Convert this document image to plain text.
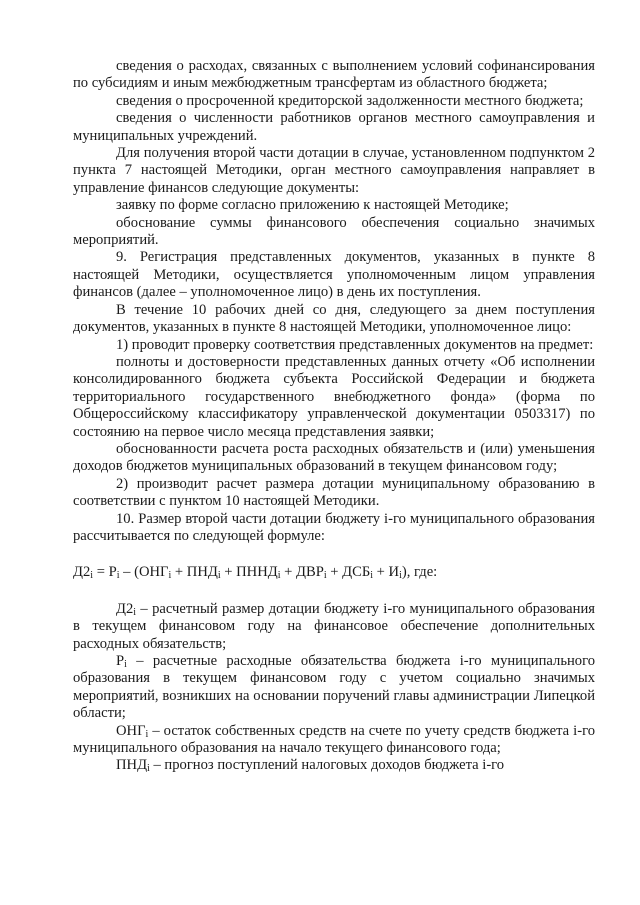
сведения о расходах, связанных с выполнением условий софинансирования по субсидиям и иным межбюджетным трансфертам из областного бюджета;

сведения о просроченной кредиторской задолженности местного бюджета;

сведения о численности работников органов местного самоуправления и муниципальных учреждений.

Для получения второй части дотации в случае, установленном подпунктом 2 пункта 7 настоящей Методики, орган местного самоуправления направляет в управление финансов следующие документы:

заявку по форме согласно приложению к настоящей Методике;

обоснование суммы финансового обеспечения социально значимых мероприятий.

9. Регистрация представленных документов, указанных в пункте 8 настоящей Методики, осуществляется уполномоченным лицом управления финансов (далее – уполномоченное лицо) в день их поступления.

В течение 10 рабочих дней со дня, следующего за днем поступления документов, указанных в пункте 8 настоящей Методики, уполномоченное лицо:

1) проводит проверку соответствия представленных документов на предмет:

полноты и достоверности представленных данных отчету «Об исполнении консолидированного бюджета субъекта Российской Федерации и бюджета территориального государственного внебюджетного фонда» (форма по Общероссийскому классификатору управленческой документации 0503317) по состоянию на первое число месяца представления заявки;

обоснованности расчета роста расходных обязательств и (или) уменьшения доходов бюджетов муниципальных образований в текущем финансовом году;

2) производит расчет размера дотации муниципальному образованию в соответствии с пунктом 10 настоящей Методики.

10. Размер второй части дотации бюджету i-го муниципального образования рассчитывается по следующей формуле:

$Д2_i = Р_i - (ОНГ_i + ПНД_i$ + $ПННД_i + ДВР_i + ДСБ_i + И_i$), где:

$Д2_i$ – расчетный размер дотации бюджету i-го муниципального образования в текущем финансовом году на финансовое обеспечение дополнительных расходных обязательств;

$Р_i$ – расчетные расходные обязательства бюджета i-го муниципального образования в текущем финансовом году с учетом социально значимых мероприятий, возникших на основании поручений главы администрации Липецкой области;

$ОНГ_i$ – остаток собственных средств на счете по учету средств бюджета i-го муниципального образования на начало текущего финансового года;

$ПНД_i$ – прогноз поступлений налоговых доходов бюджета i-го
